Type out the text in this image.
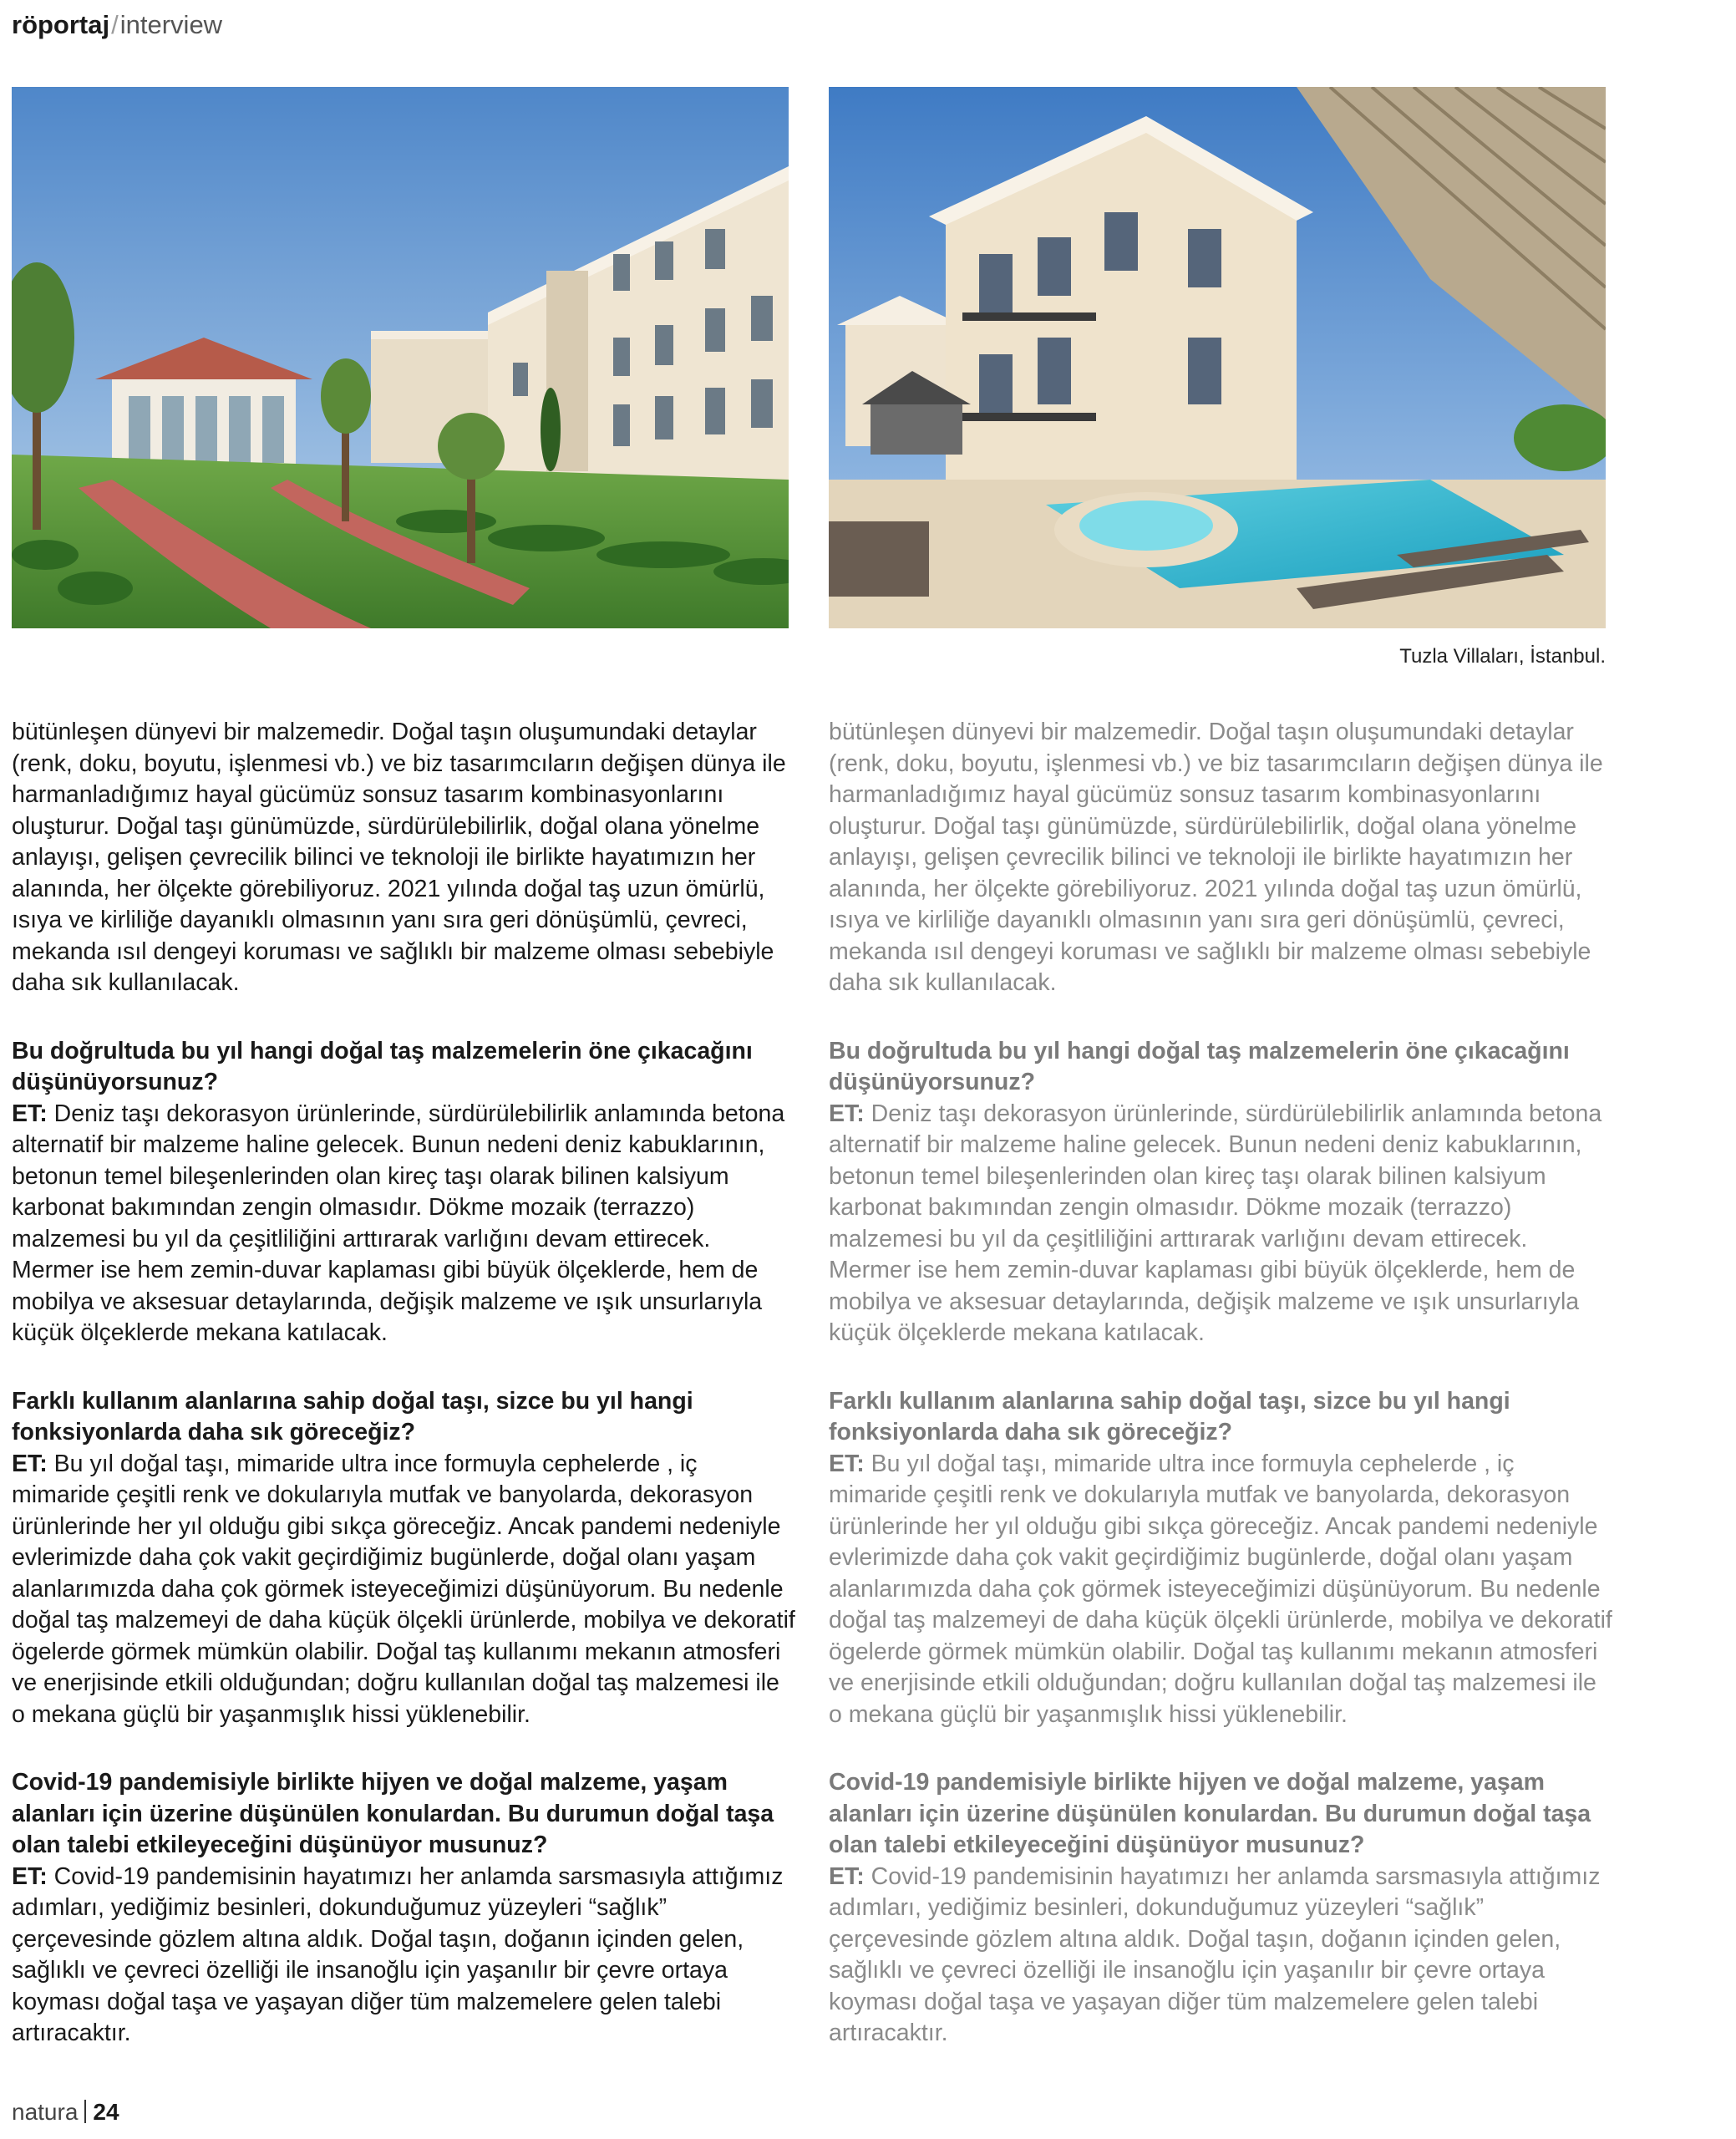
röportaj/interview
Tuzla Villaları, İstanbul.

bütünleşen dünyevi bir malzemedir. Doğal taşın oluşumundaki detaylar (renk, doku, boyutu, işlenmesi vb.) ve biz tasarımcıların değişen dünya ile harmanladığımız hayal gücümüz sonsuz tasarım kombinasyonlarını oluşturur. Doğal taşı günümüzde, sürdürülebilirlik, doğal olana yönelme anlayışı, gelişen çevrecilik bilinci ve teknoloji ile birlikte hayatımızın her alanında, her ölçekte görebiliyoruz. 2021 yılında doğal taş uzun ömürlü, ısıya ve kirliliğe dayanıklı olmasının yanı sıra geri dönüşümlü, çevreci, mekanda ısıl dengeyi koruması ve sağlıklı bir malzeme olması sebebiyle daha sık kullanılacak.

Bu doğrultuda bu yıl hangi doğal taş malzemelerin öne çıkacağını düşünüyorsunuz?
ET: Deniz taşı dekorasyon ürünlerinde, sürdürülebilirlik anlamında betona alternatif bir malzeme haline gelecek. Bunun nedeni deniz kabuklarının, betonun temel bileşenlerinden olan kireç taşı olarak bilinen kalsiyum karbonat bakımından zengin olmasıdır. Dökme mozaik (terrazzo) malzemesi bu yıl da çeşitliliğini arttırarak varlığını devam ettirecek. Mermer ise hem zemin-duvar kaplaması gibi büyük ölçeklerde, hem de mobilya ve aksesuar detaylarında, değişik malzeme ve ışık unsurlarıyla küçük ölçeklerde mekana katılacak.

Farklı kullanım alanlarına sahip doğal taşı, sizce bu yıl hangi fonksiyonlarda daha sık göreceğiz?
ET: Bu yıl doğal taşı, mimaride ultra ince formuyla cephelerde , iç mimaride çeşitli renk ve dokularıyla mutfak ve banyolarda, dekorasyon ürünlerinde her yıl olduğu gibi sıkça göreceğiz. Ancak pandemi nedeniyle evlerimizde daha çok vakit geçirdiğimiz bugünlerde, doğal olanı yaşam alanlarımızda daha çok görmek isteyeceğimizi düşünüyorum. Bu nedenle doğal taş malzemeyi de daha küçük ölçekli ürünlerde, mobilya ve dekoratif ögelerde görmek mümkün olabilir. Doğal taş kullanımı mekanın atmosferi ve enerjisinde etkili olduğundan; doğru kullanılan doğal taş malzemesi ile o mekana güçlü bir yaşanmışlık hissi yüklenebilir.

Covid-19 pandemisiyle birlikte hijyen ve doğal malzeme, yaşam alanları için üzerine düşünülen konulardan. Bu durumun doğal taşa olan talebi etkileyeceğini düşünüyor musunuz?
ET: Covid-19 pandemisinin hayatımızı her anlamda sarsmasıyla attığımız adımları, yediğimiz besinleri, dokunduğumuz yüzeyleri “sağlık” çerçevesinde gözlem altına aldık. Doğal taşın, doğanın içinden gelen, sağlıklı ve çevreci özelliği ile insanoğlu için yaşanılır bir çevre ortaya koyması doğal taşa ve yaşayan diğer tüm malzemelere gelen talebi artıracaktır.

bütünleşen dünyevi bir malzemedir. Doğal taşın oluşumundaki detaylar (renk, doku, boyutu, işlenmesi vb.) ve biz tasarımcıların değişen dünya ile harmanladığımız hayal gücümüz sonsuz tasarım kombinasyonlarını oluşturur. Doğal taşı günümüzde, sürdürülebilirlik, doğal olana yönelme anlayışı, gelişen çevrecilik bilinci ve teknoloji ile birlikte hayatımızın her alanında, her ölçekte görebiliyoruz. 2021 yılında doğal taş uzun ömürlü, ısıya ve kirliliğe dayanıklı olmasının yanı sıra geri dönüşümlü, çevreci, mekanda ısıl dengeyi koruması ve sağlıklı bir malzeme olması sebebiyle daha sık kullanılacak.

Bu doğrultuda bu yıl hangi doğal taş malzemelerin öne çıkacağını düşünüyorsunuz?
ET: Deniz taşı dekorasyon ürünlerinde, sürdürülebilirlik anlamında betona alternatif bir malzeme haline gelecek. Bunun nedeni deniz kabuklarının, betonun temel bileşenlerinden olan kireç taşı olarak bilinen kalsiyum karbonat bakımından zengin olmasıdır. Dökme mozaik (terrazzo) malzemesi bu yıl da çeşitliliğini arttırarak varlığını devam ettirecek. Mermer ise hem zemin-duvar kaplaması gibi büyük ölçeklerde, hem de mobilya ve aksesuar detaylarında, değişik malzeme ve ışık unsurlarıyla küçük ölçeklerde mekana katılacak.

Farklı kullanım alanlarına sahip doğal taşı, sizce bu yıl hangi fonksiyonlarda daha sık göreceğiz?
ET: Bu yıl doğal taşı, mimaride ultra ince formuyla cephelerde , iç mimaride çeşitli renk ve dokularıyla mutfak ve banyolarda, dekorasyon ürünlerinde her yıl olduğu gibi sıkça göreceğiz. Ancak pandemi nedeniyle evlerimizde daha çok vakit geçirdiğimiz bugünlerde, doğal olanı yaşam alanlarımızda daha çok görmek isteyeceğimizi düşünüyorum. Bu nedenle doğal taş malzemeyi de daha küçük ölçekli ürünlerde, mobilya ve dekoratif ögelerde görmek mümkün olabilir. Doğal taş kullanımı mekanın atmosferi ve enerjisinde etkili olduğundan; doğru kullanılan doğal taş malzemesi ile o mekana güçlü bir yaşanmışlık hissi yüklenebilir.

Covid-19 pandemisiyle birlikte hijyen ve doğal malzeme, yaşam alanları için üzerine düşünülen konulardan. Bu durumun doğal taşa olan talebi etkileyeceğini düşünüyor musunuz?
ET: Covid-19 pandemisinin hayatımızı her anlamda sarsmasıyla attığımız adımları, yediğimiz besinleri, dokunduğumuz yüzeyleri “sağlık” çerçevesinde gözlem altına aldık. Doğal taşın, doğanın içinden gelen, sağlıklı ve çevreci özelliği ile insanoğlu için yaşanılır bir çevre ortaya koyması doğal taşa ve yaşayan diğer tüm malzemelere gelen talebi artıracaktır.

natura 24
